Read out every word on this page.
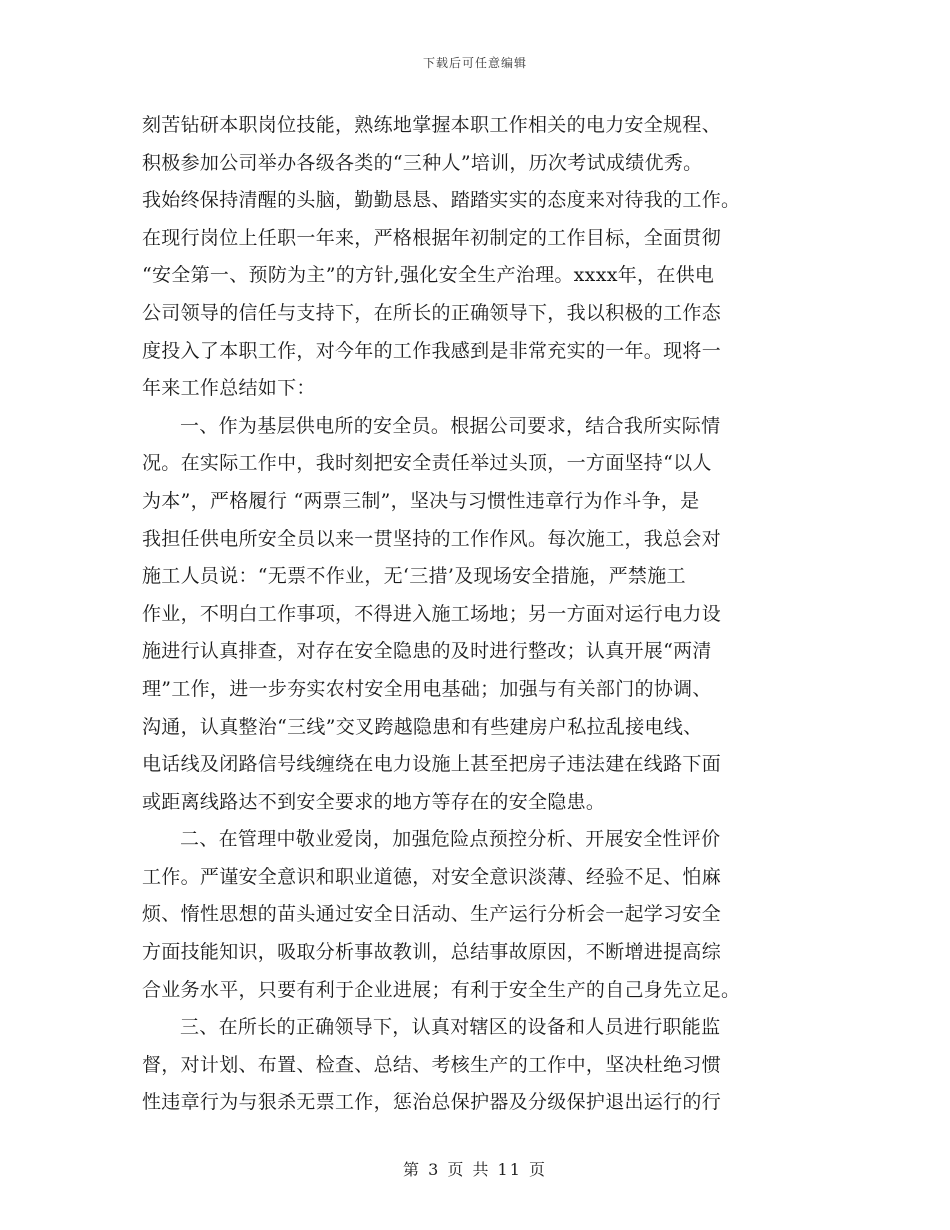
下载后可任意编辑
刻苦钻研本职岗位技能，熟练地掌握本职工作相关的电力安全规程、
积极参加公司举办各级各类的“三种人”培训，历次考试成绩优秀。
我始终保持清醒的头脑，勤勤恳恳、踏踏实实的态度来对待我的工作。
在现行岗位上任职一年来，严格根据年初制定的工作目标，全面贯彻
“安全第一、预防为主”的方针,强化安全生产治理。xxxx年，在供电
公司领导的信任与支持下，在所长的正确领导下，我以积极的工作态
度投入了本职工作，对今年的工作我感到是非常充实的一年。现将一
年来工作总结如下：
一、作为基层供电所的安全员。根据公司要求，结合我所实际情
况。在实际工作中，我时刻把安全责任举过头顶，一方面坚持“以人
为本”，严格履行 “两票三制”，坚决与习惯性违章行为作斗争，是
我担任供电所安全员以来一贯坚持的工作作风。每次施工，我总会对
施工人员说：“无票不作业，无‘三措’及现场安全措施，严禁施工
作业，不明白工作事项，不得进入施工场地；另一方面对运行电力设
施进行认真排查，对存在安全隐患的及时进行整改；认真开展“两清
理”工作，进一步夯实农村安全用电基础；加强与有关部门的协调、
沟通，认真整治“三线”交叉跨越隐患和有些建房户私拉乱接电线、
电话线及闭路信号线缠绕在电力设施上甚至把房子违法建在线路下面
或距离线路达不到安全要求的地方等存在的安全隐患。
二、在管理中敬业爱岗，加强危险点预控分析、开展安全性评价
工作。严谨安全意识和职业道德，对安全意识淡薄、经验不足、怕麻
烦、惰性思想的苗头通过安全日活动、生产运行分析会一起学习安全
方面技能知识，吸取分析事故教训，总结事故原因，不断增进提高综
合业务水平，只要有利于企业进展；有利于安全生产的自己身先立足。
三、在所长的正确领导下，认真对辖区的设备和人员进行职能监
督，对计划、布置、检查、总结、考核生产的工作中，坚决杜绝习惯
性违章行为与狠杀无票工作，惩治总保护器及分级保护退出运行的行
第 3 页 共 11 页
